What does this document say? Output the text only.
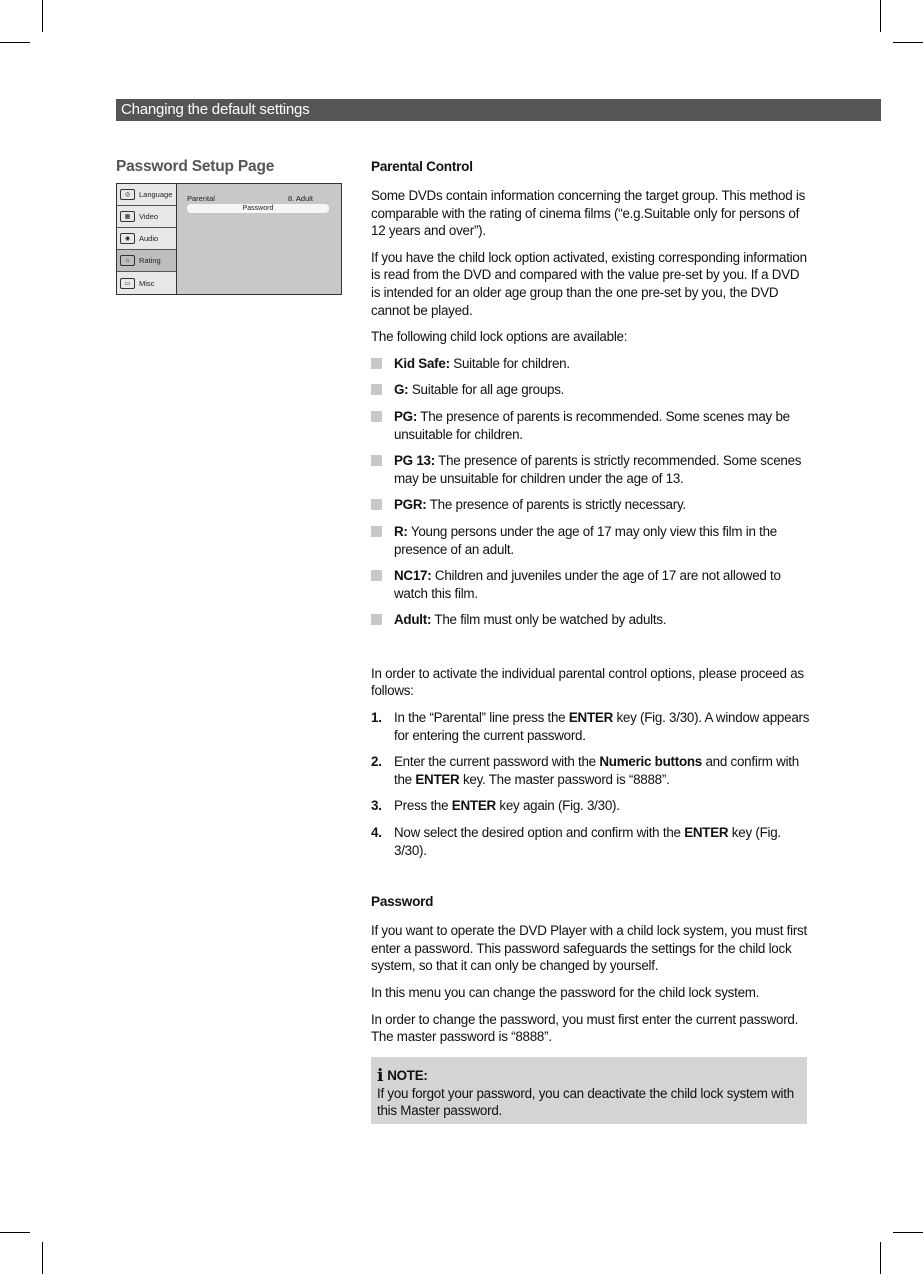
Changing the default settings
Password Setup Page
◎	Language
▦	Video
◉	Audio
⌂	Rating
▭	Misc
Parental	8. Adult
Password
Parental Control

Some DVDs contain information concerning the target group. This method is comparable with the rating of cinema films (“e.g.Suitable only for persons of 12 years and over”).

If you have the child lock option activated, existing corresponding information is read from the DVD and compared with the value pre-set by you. If a DVD is intended for an older age group than the one pre-set by you, the DVD cannot be played.

The following child lock options are available:

Kid Safe: Suitable for children.
G: Suitable for all age groups.
PG: The presence of parents is recommended. Some scenes may be unsuitable for children.
PG 13: The presence of parents is strictly recommended. Some scenes may be unsuitable for children under the age of 13.
PGR: The presence of parents is strictly necessary.
R: Young persons under the age of 17 may only view this film in the presence of an adult.
NC17: Children and juveniles under the age of 17 are not allowed to watch this film.
Adult: The film must only be watched by adults.

In order to activate the individual parental control options, please proceed as follows:

1. In the “Parental” line press the ENTER key (Fig. 3/30). A window appears for entering the current password.
2. Enter the current password with the Numeric buttons and confirm with the ENTER key. The master password is “8888”.
3. Press the ENTER key again (Fig. 3/30).
4. Now select the desired option and confirm with the ENTER key (Fig. 3/30).
Password

If you want to operate the DVD Player with a child lock system, you must first enter a password. This password safeguards the settings for the child lock system, so that it can only be changed by yourself.

In this menu you can change the password for the child lock system.

In order to change the password, you must first enter the current password. The master password is “8888”.

i NOTE:
If you forgot your password, you can deactivate the child lock system with this Master password.
